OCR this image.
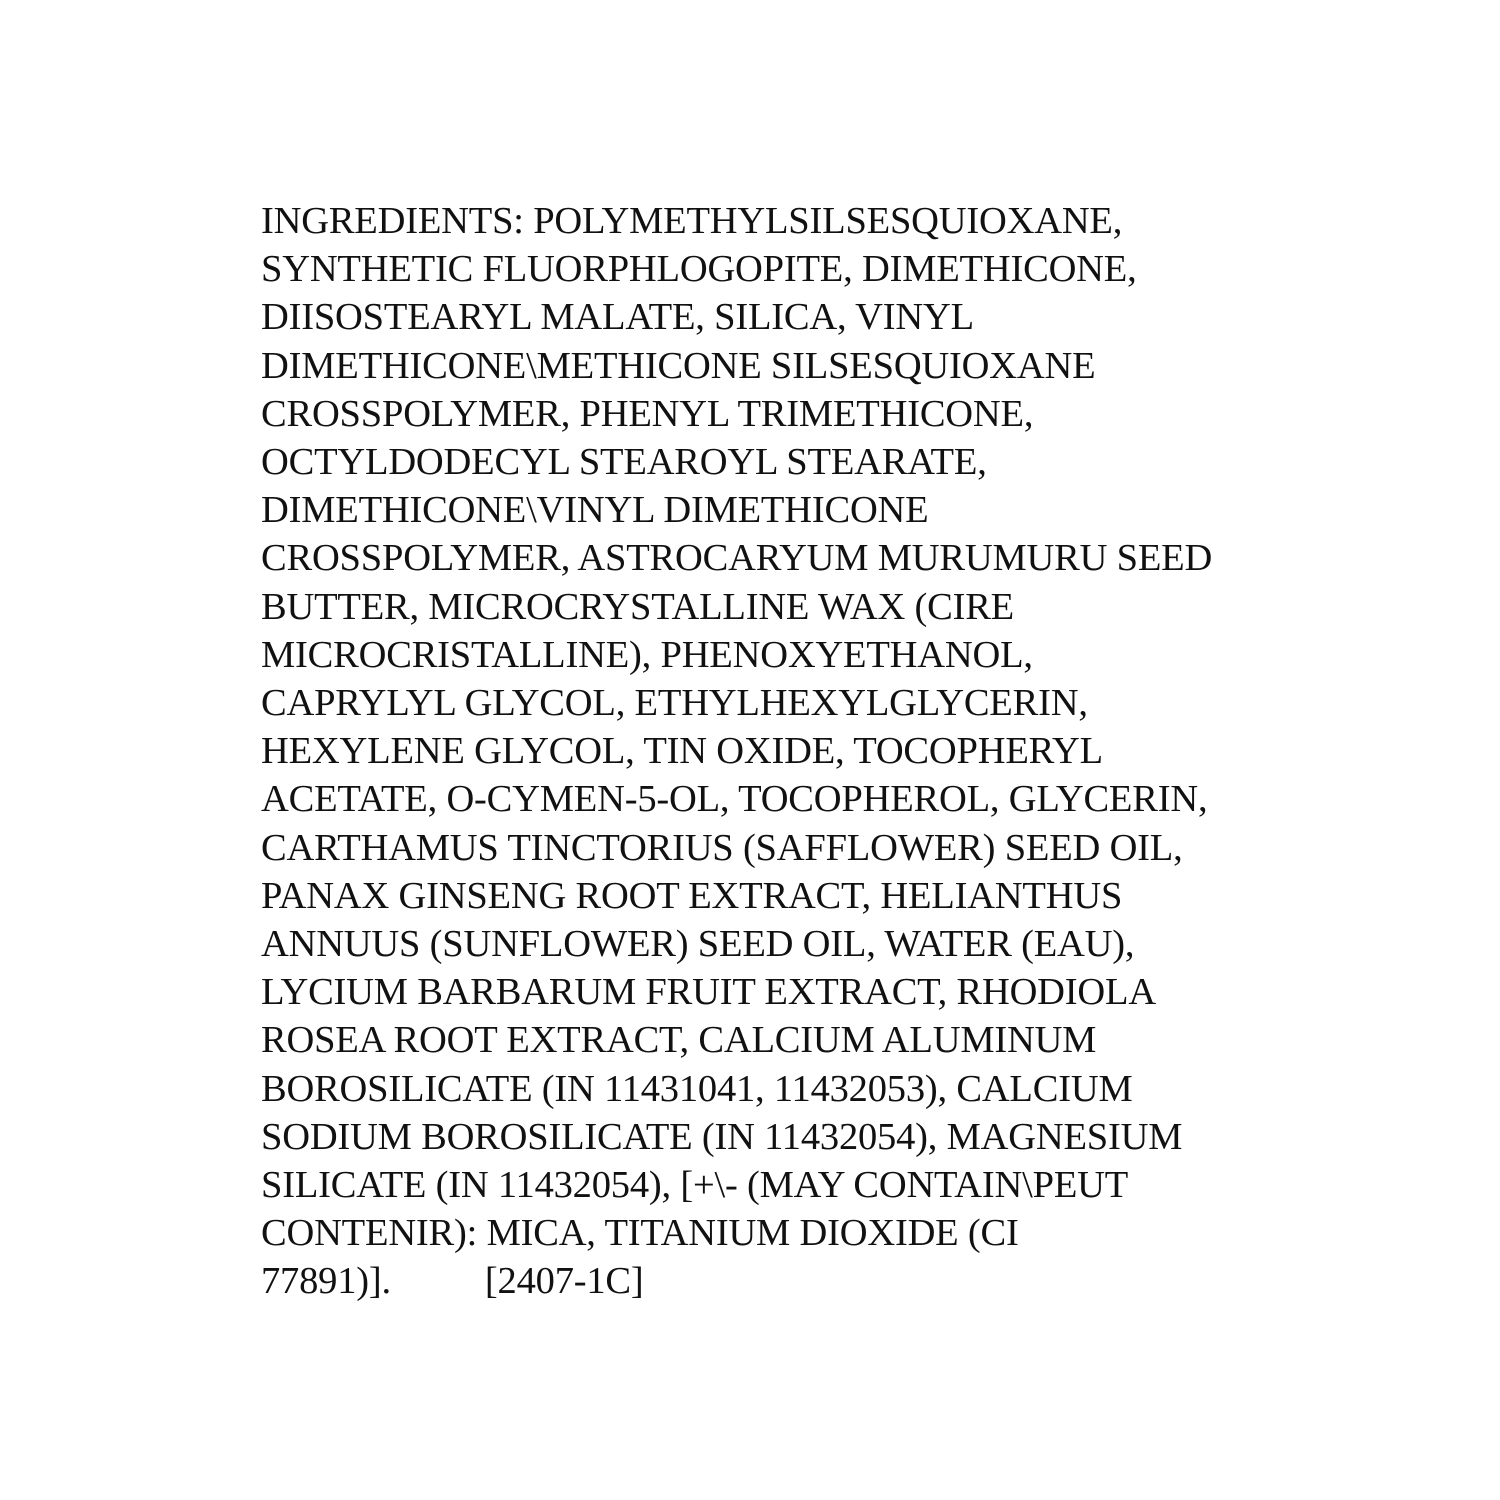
INGREDIENTS: POLYMETHYLSILSESQUIOXANE,
SYNTHETIC FLUORPHLOGOPITE, DIMETHICONE,
DIISOSTEARYL MALATE, SILICA, VINYL
DIMETHICONE\METHICONE SILSESQUIOXANE
CROSSPOLYMER, PHENYL TRIMETHICONE,
OCTYLDODECYL STEAROYL STEARATE,
DIMETHICONE\VINYL DIMETHICONE
CROSSPOLYMER, ASTROCARYUM MURUMURU SEED
BUTTER, MICROCRYSTALLINE WAX (CIRE
MICROCRISTALLINE), PHENOXYETHANOL,
CAPRYLYL GLYCOL, ETHYLHEXYLGLYCERIN,
HEXYLENE GLYCOL, TIN OXIDE, TOCOPHERYL
ACETATE, O-CYMEN-5-OL, TOCOPHEROL, GLYCERIN,
CARTHAMUS TINCTORIUS (SAFFLOWER) SEED OIL,
PANAX GINSENG ROOT EXTRACT, HELIANTHUS
ANNUUS (SUNFLOWER) SEED OIL, WATER (EAU),
LYCIUM BARBARUM FRUIT EXTRACT, RHODIOLA
ROSEA ROOT EXTRACT, CALCIUM ALUMINUM
BOROSILICATE (IN 11431041, 11432053), CALCIUM
SODIUM BOROSILICATE (IN 11432054), MAGNESIUM
SILICATE (IN 11432054), [+\- (MAY CONTAIN\PEUT
CONTENIR): MICA, TITANIUM DIOXIDE (CI
77891)]. [2407-1C]
